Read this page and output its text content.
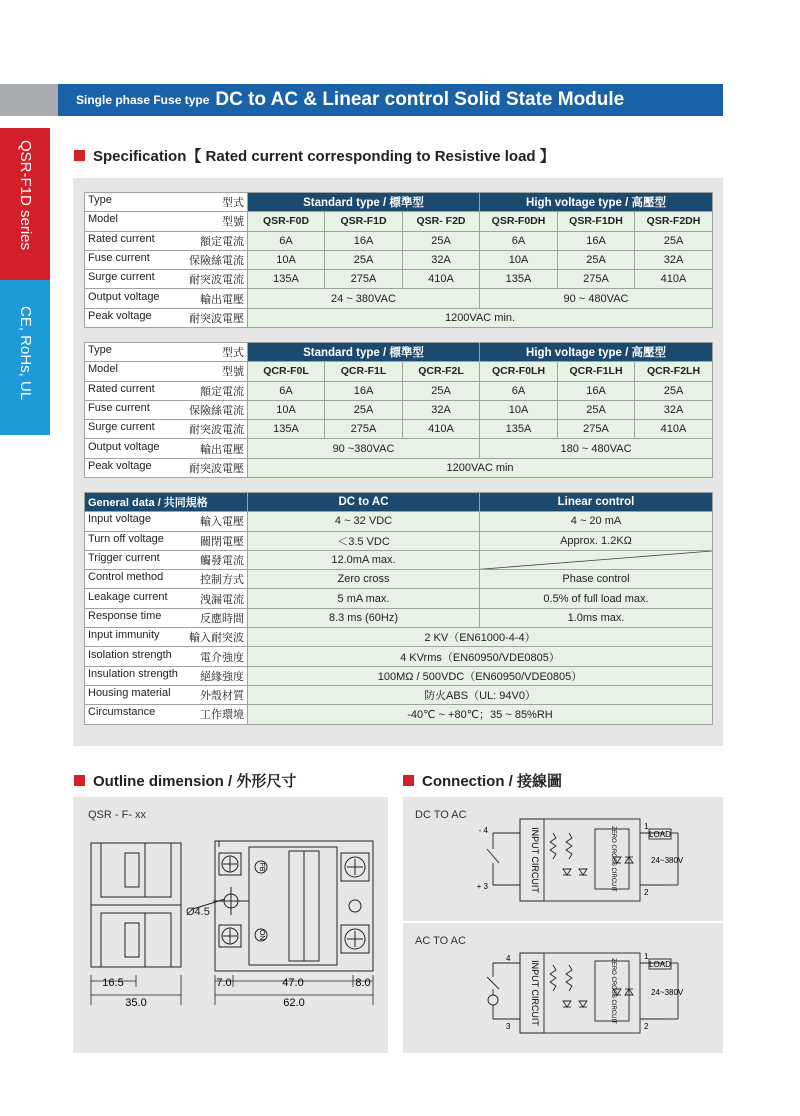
Single phase Fuse type DC to AC & Linear control Solid State Module
QSR-F1D series
CE, RoHs, UL
Specification【 Rated current corresponding to Resistive load 】
Type 型式	Standard type / 標準型			High voltage type / 高壓型		
Model 型號	QSR-F0D	QSR-F1D	QSR- F2D	QSR-F0DH	QSR-F1DH	QSR-F2DH
Rated current 額定電流	6A	16A	25A	6A	16A	25A
Fuse current 保險絲電流	10A	25A	32A	10A	25A	32A
Surge current 耐突波電流	135A	275A	410A	135A	275A	410A
Output voltage 輸出電壓	24 ~ 380VAC			90 ~ 480VAC		
Peak voltage 耐突波電壓	1200VAC min.					
Type 型式	Standard type / 標準型			High voltage type / 高壓型		
Model 型號	QCR-F0L	QCR-F1L	QCR-F2L	QCR-F0LH	QCR-F1LH	QCR-F2LH
Rated current 額定電流	6A	16A	25A	6A	16A	25A
Fuse current 保險絲電流	10A	25A	32A	10A	25A	32A
Surge current 耐突波電流	135A	275A	410A	135A	275A	410A
Output voltage 輸出電壓	90 ~380VAC			180 ~ 480VAC		
Peak voltage 耐突波電壓	1200VAC min					
General data / 共同規格	DC to AC	Linear control
Input voltage 輸入電壓	4 ~ 32 VDC	4 ~ 20 mA
Turn off voltage 關閉電壓	＜3.5 VDC	Approx. 1.2KΩ
Trigger current 觸發電流	12.0mA max.	

Control method 控制方式	Zero cross	Phase control
Leakage current 洩漏電流	5 mA max.	0.5% of full load max.
Response time 反應時間	8.3 ms (60Hz)	1.0ms max.
Input immunity 輸入耐突波	2 KV（EN61000-4-4）	
Isolation strength 電介強度	4 KVrms（EN60950/VDE0805）	
Insulation strength 絕緣強度	100MΩ / 500VDC（EN60950/VDE0805）	
Housing material 外殼材質	防火ABS（UL: 94V0）	
Circumstance 工作環境	-40℃ ~ +80℃；35 ~ 85%RH	
Outline dimension / 外形尺寸
QSR - F- xx
FB
ON
Ø4.5
16.5
35.0
7.0	47.0	8.0
62.0
Connection / 接線圖
DC TO AC
AC TO AC
- 4
+ 3
1
2
LOAD
24~380V
INPUT CIRCUIT	ZERO CROSS CIRCUIT
4
3
1
2
LOAD
24~380V
INPUT CIRCUIT	ZERO CROSS CIRCUIT
